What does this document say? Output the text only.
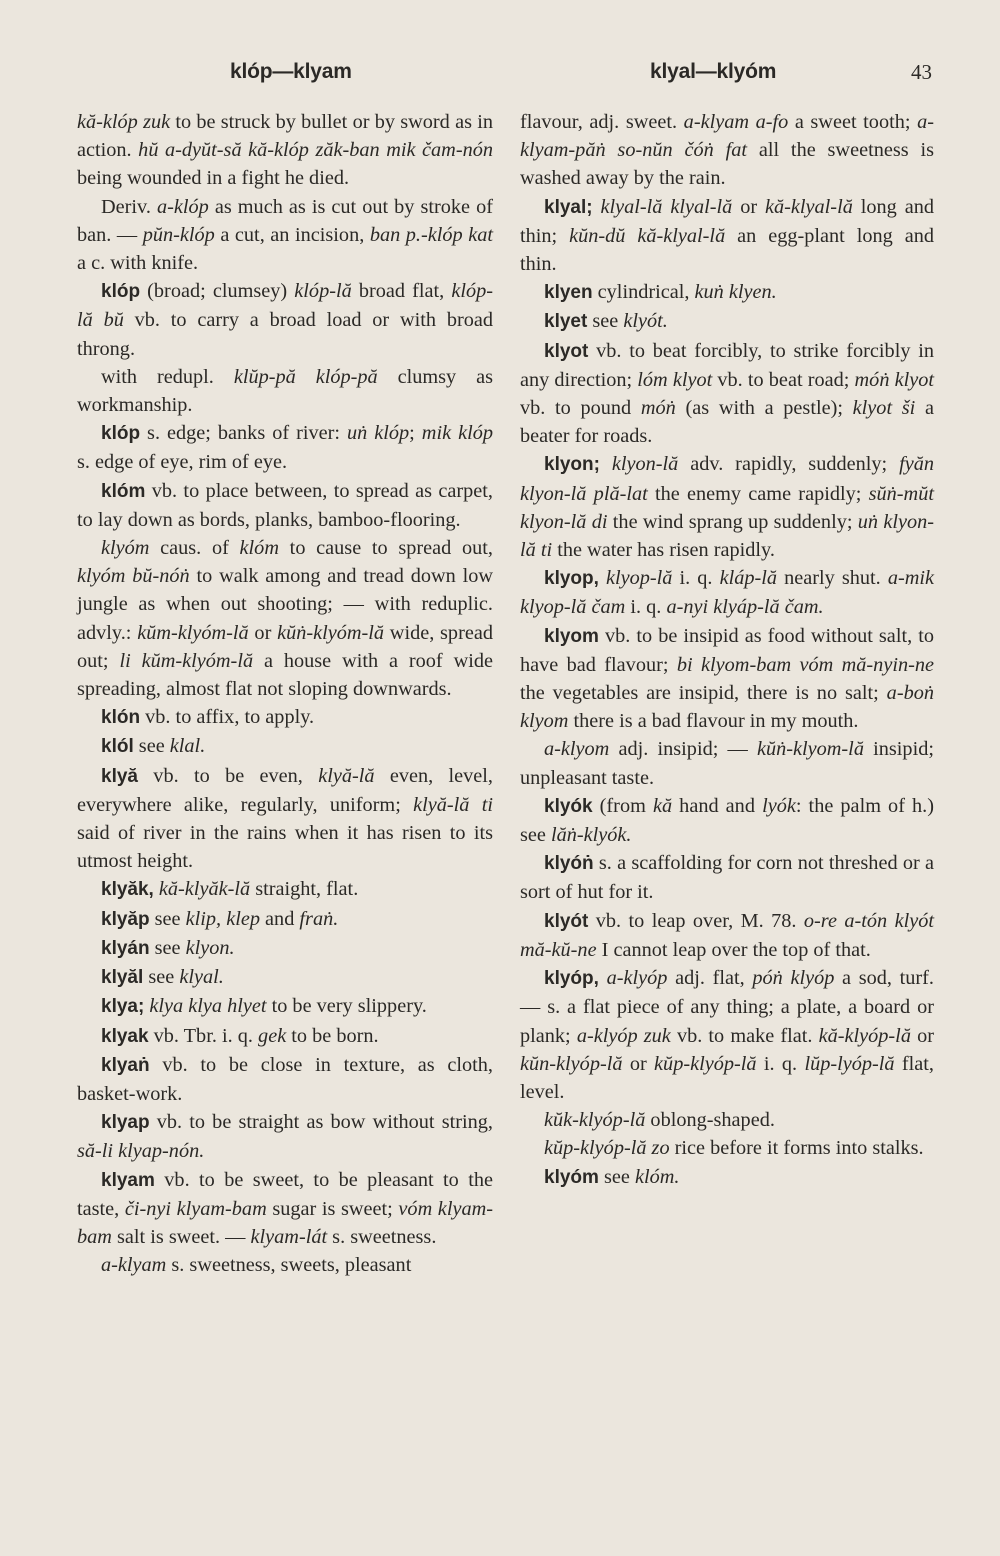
klóp—klyam	klyal—klyóm	43

kă-klóp zuk to be struck by bullet or by sword as in action. hŭ a-dyŭt-să kă-klóp zăk-ban mik čam-nón being wounded in a fight he died.

Deriv. a-klóp as much as is cut out by stroke of ban. — pŭn-klóp a cut, an incision, ban p.-klóp kat a c. with knife.

klóp (broad; clumsey) klóp-lă broad flat, klóp-lă bŭ vb. to carry a broad load or with broad throng.

with redupl. klŭp-pă klóp-pă clumsy as workmanship.

klóp s. edge; banks of river: uṅ klóp; mik klóp s. edge of eye, rim of eye.

klóm vb. to place between, to spread as carpet, to lay down as bords, planks, bamboo-flooring.

klyóm caus. of klóm to cause to spread out, klyóm bŭ-nóṅ to walk among and tread down low jungle as when out shooting; — with reduplic. advly.: kŭm-klyóm-lă or kŭṅ-klyóm-lă wide, spread out; li kŭm-klyóm-lă a house with a roof wide spreading, almost flat not sloping downwards.

klón vb. to affix, to apply.

klól see klal.

klyă vb. to be even, klyă-lă even, level, everywhere alike, regularly, uniform; klyă-lă ti said of river in the rains when it has risen to its utmost height.

klyăk, kă-klyăk-lă straight, flat.

klyăp see klip, klep and fraṅ.

klyán see klyon.

klyăl see klyal.

klya; klya klya hlyet to be very slippery.

klyak vb. Tbr. i. q. gek to be born.

klyaṅ vb. to be close in texture, as cloth, basket-work.

klyap vb. to be straight as bow without string, să-li klyap-nón.

klyam vb. to be sweet, to be pleasant to the taste, či-nyi klyam-bam sugar is sweet; vóm klyam-bam salt is sweet. — klyam-lát s. sweetness.

a-klyam s. sweetness, sweets, pleasant

flavour, adj. sweet. a-klyam a-fo a sweet tooth; a-klyam-păṅ so-nŭn čóṅ fat all the sweetness is washed away by the rain.

klyal; klyal-lă klyal-lă or kă-klyal-lă long and thin; kŭn-dŭ kă-klyal-lă an egg-plant long and thin.

klyen cylindrical, kuṅ klyen.

klyet see klyót.

klyot vb. to beat forcibly, to strike forcibly in any direction; lóm klyot vb. to beat road; móṅ klyot vb. to pound móṅ (as with a pestle); klyot ši a beater for roads.

klyon; klyon-lă adv. rapidly, suddenly; fyăn klyon-lă plă-lat the enemy came rapidly; sŭṅ-mŭt klyon-lă di the wind sprang up suddenly; uṅ klyon-lă ti the water has risen rapidly.

klyop, klyop-lă i. q. kláp-lă nearly shut. a-mik klyop-lă čam i. q. a-nyi klyáp-lă čam.

klyom vb. to be insipid as food without salt, to have bad flavour; bi klyom-bam vóm mă-nyin-ne the vegetables are insipid, there is no salt; a-boṅ klyom there is a bad flavour in my mouth.

a-klyom adj. insipid; — kŭṅ-klyom-lă insipid; unpleasant taste.

klyók (from kă hand and lyók: the palm of h.) see lăṅ-klyók.

klyóṅ s. a scaffolding for corn not threshed or a sort of hut for it.

klyót vb. to leap over, M. 78. o-re a-tón klyót mă-kŭ-ne I cannot leap over the top of that.

klyóp, a-klyóp adj. flat, póṅ klyóp a sod, turf. — s. a flat piece of any thing; a plate, a board or plank; a-klyóp zuk vb. to make flat. kă-klyóp-lă or kŭn-klyóp-lă or kŭp-klyóp-lă i. q. lŭp-lyóp-lă flat, level.

kŭk-klyóp-lă oblong-shaped.

kŭp-klyóp-lă zo rice before it forms into stalks.

klyóm see klóm.
